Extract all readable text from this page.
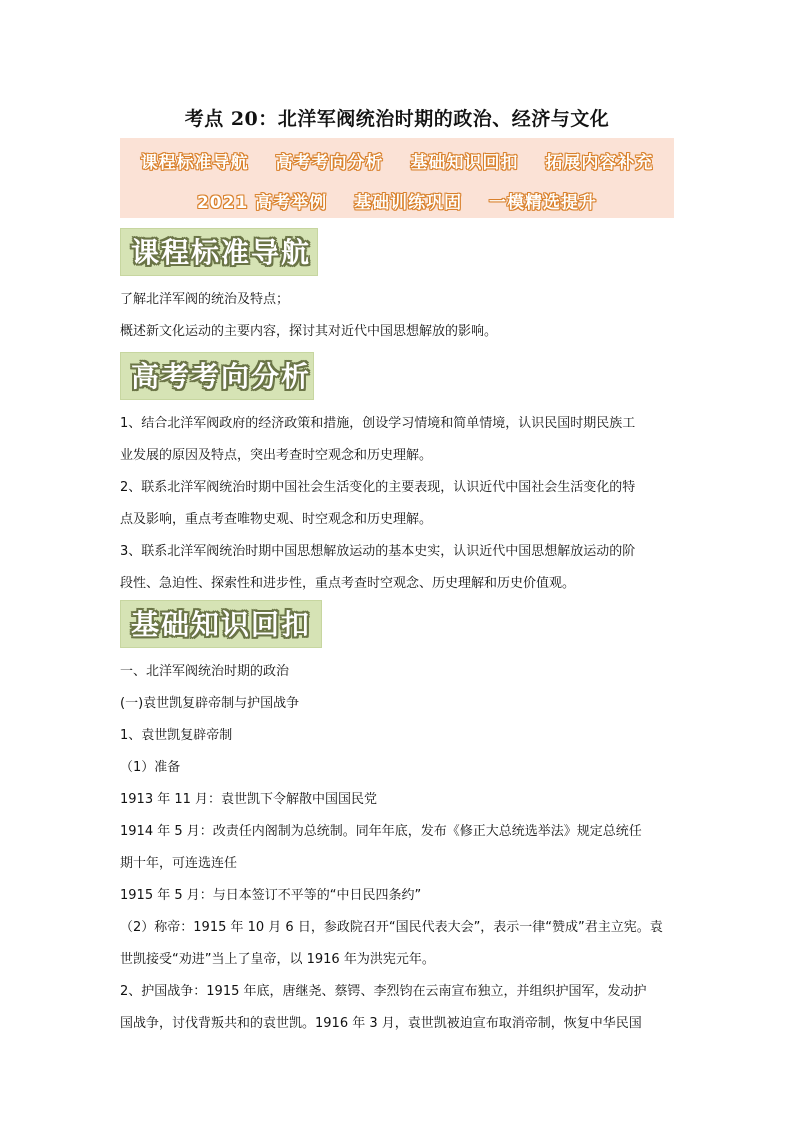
考点 20：北洋军阀统治时期的政治、经济与文化
课程标准导航 高考考向分析 基础知识回扣 拓展内容补充
2021 高考举例 基础训练巩固 一模精选提升
课程标准导航
了解北洋军阀的统治及特点；
概述新文化运动的主要内容，探讨其对近代中国思想解放的影响。
高考考向分析
1、结合北洋军阀政府的经济政策和措施，创设学习情境和简单情境，认识民国时期民族工
业发展的原因及特点，突出考查时空观念和历史理解。
2、联系北洋军阀统治时期中国社会生活变化的主要表现，认识近代中国社会生活变化的特
点及影响，重点考查唯物史观、时空观念和历史理解。
3、联系北洋军阀统治时期中国思想解放运动的基本史实，认识近代中国思想解放运动的阶
段性、急迫性、探索性和进步性，重点考查时空观念、历史理解和历史价值观。
基础知识回扣
一、北洋军阀统治时期的政治
(一)袁世凯复辟帝制与护国战争
1、袁世凯复辟帝制
（1）准备
1913 年 11 月：袁世凯下令解散中国国民党
1914 年 5 月：改责任内阁制为总统制。同年年底，发布《修正大总统选举法》规定总统任
期十年，可连选连任
1915 年 5 月：与日本签订不平等的“中日民四条约”
（2）称帝：1915 年 10 月 6 日，参政院召开“国民代表大会”，表示一律“赞成”君主立宪。袁
世凯接受“劝进”当上了皇帝，以 1916 年为洪宪元年。
2、护国战争：1915 年底，唐继尧、蔡锷、李烈钧在云南宣布独立，并组织护国军，发动护
国战争，讨伐背叛共和的袁世凯。1916 年 3 月，袁世凯被迫宣布取消帝制，恢复中华民国
